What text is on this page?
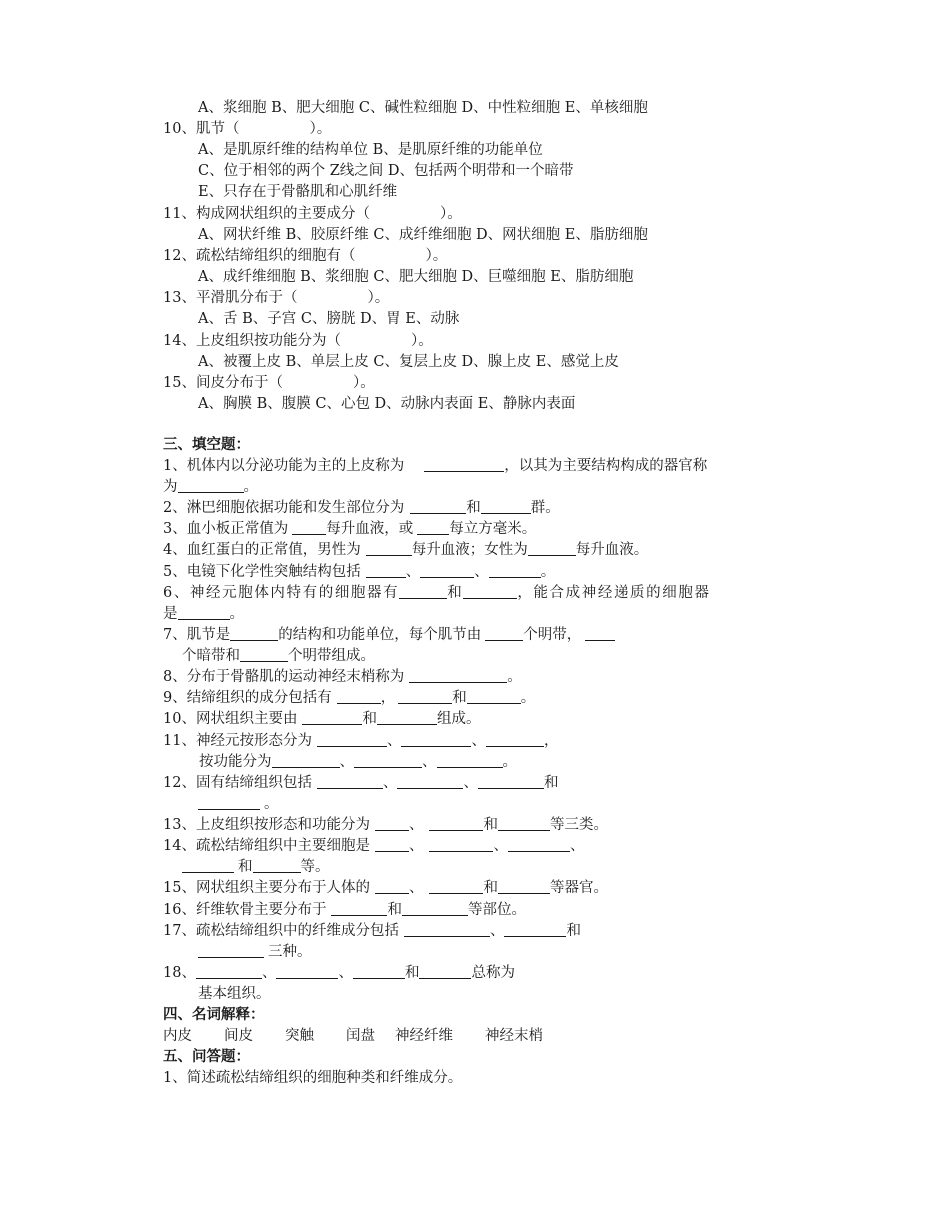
A、浆细胞 B、肥大细胞 C、碱性粒细胞 D、中性粒细胞 E、单核细胞
10、肌节（	）。
A、是肌原纤维的结构单位 B、是肌原纤维的功能单位
C、位于相邻的两个 Z线之间 D、包括两个明带和一个暗带
E、只存在于骨骼肌和心肌纤维
11、构成网状组织的主要成分（	）。
A、网状纤维 B、胶原纤维 C、成纤维细胞 D、网状细胞 E、脂肪细胞
12、疏松结缔组织的细胞有（	）。
A、成纤维细胞 B、浆细胞 C、肥大细胞 D、巨噬细胞 E、脂肪细胞
13、平滑肌分布于（	）。
A、舌 B、子宫 C、膀胱 D、胃 E、动脉
14、上皮组织按功能分为（	）。
A、被覆上皮 B、单层上皮 C、复层上皮 D、腺上皮 E、感觉上皮
15、间皮分布于（	）。
A、胸膜 B、腹膜 C、心包 D、动脉内表面 E、静脉内表面
三、填空题：
1、机体内以分泌功能为主的上皮称为	，以其为主要结构构成的器官称
为	。
2、淋巴细胞依据功能和发生部位分为	和	群。
3、血小板正常值为	每升血液，或 每立方毫米。
4、血红蛋白的正常值，男性为	每升血液；女性为	每升血液。
5、电镜下化学性突触结构包括	、	、	。
6、神经元胞体内特有的细胞器有	和	，能合成神经递质的细胞器
是	。
7、肌节是	的结构和功能单位，每个肌节由	个明带，
个暗带和	个明带组成。
8、分布于骨骼肌的运动神经末梢称为	。
9、结缔组织的成分包括有	，	和	。
10、网状组织主要由	和	组成。
11、神经元按形态分为	、	、	，
按功能分为	、	、	。
12、固有结缔组织包括	、	、	和
。
13、上皮组织按形态和功能分为	、	和	等三类。
14、疏松结缔组织中主要细胞是	、	、	、
和	等。
15、网状组织主要分布于人体的	、	和	等器官。
16、纤维软骨主要分布于	和	等部位。
17、疏松结缔组织中的纤维成分包括	、	和
三种。
18、	、	、	和	总称为
基本组织。
四、名词解释：
内皮 间皮 突触 闰盘 神经纤维 神经末梢
五、问答题：
1、简述疏松结缔组织的细胞种类和纤维成分。
